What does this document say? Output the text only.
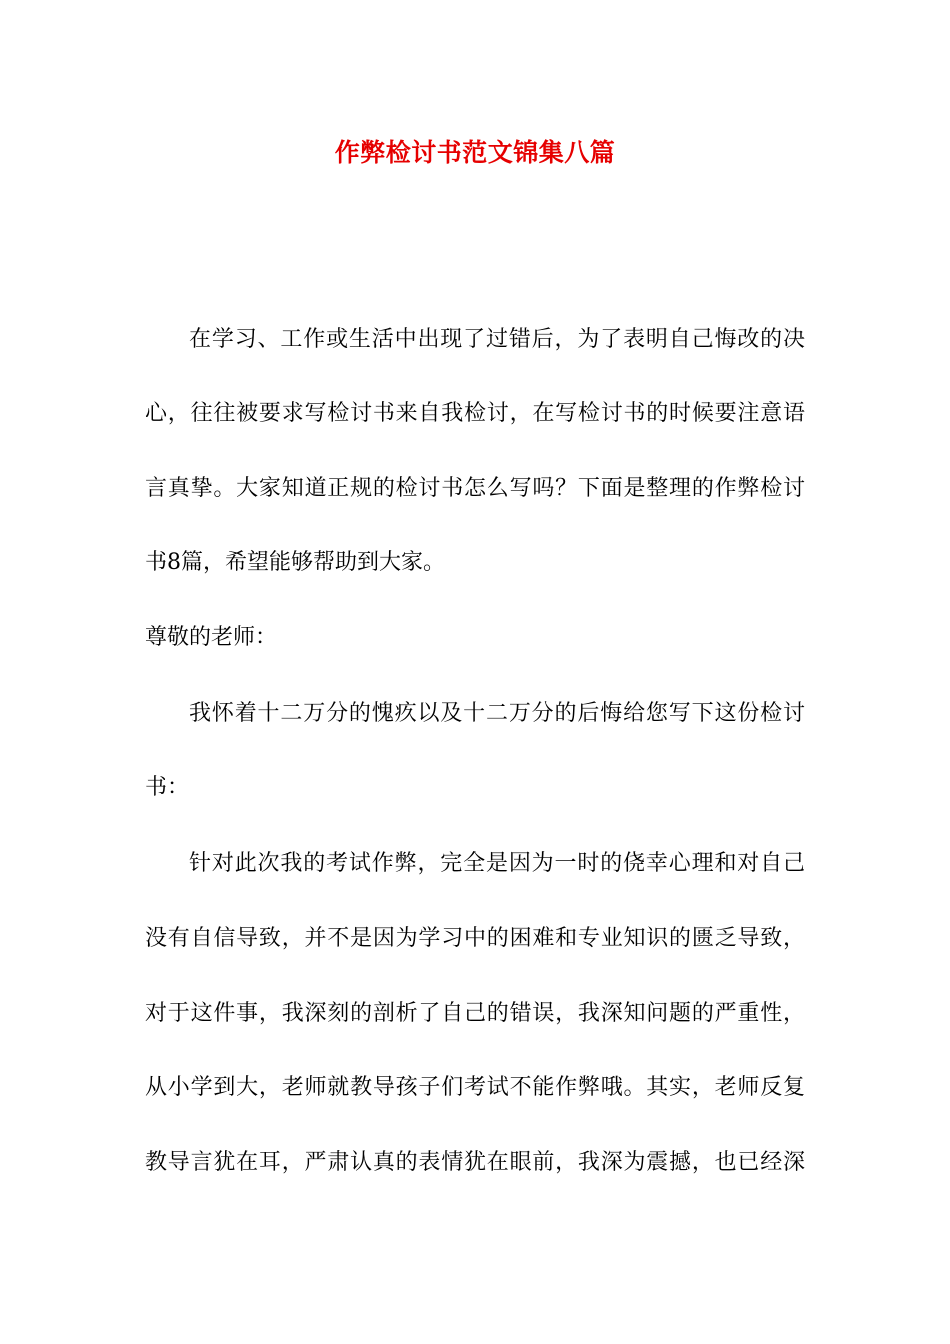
作弊检讨书范文锦集八篇

在学习、工作或生活中出现了过错后，为了表明自己悔改的决

心，往往被要求写检讨书来自我检讨，在写检讨书的时候要注意语

言真挚。大家知道正规的检讨书怎么写吗？下面是整理的作弊检讨

书8篇，希望能够帮助到大家。

尊敬的老师：

我怀着十二万分的愧疚以及十二万分的后悔给您写下这份检讨

书：

针对此次我的考试作弊，完全是因为一时的侥幸心理和对自己

没有自信导致，并不是因为学习中的困难和专业知识的匮乏导致，

对于这件事，我深刻的剖析了自己的错误，我深知问题的严重性，

从小学到大，老师就教导孩子们考试不能作弊哦。其实，老师反复

教导言犹在耳，严肃认真的表情犹在眼前，我深为震撼，也已经深
